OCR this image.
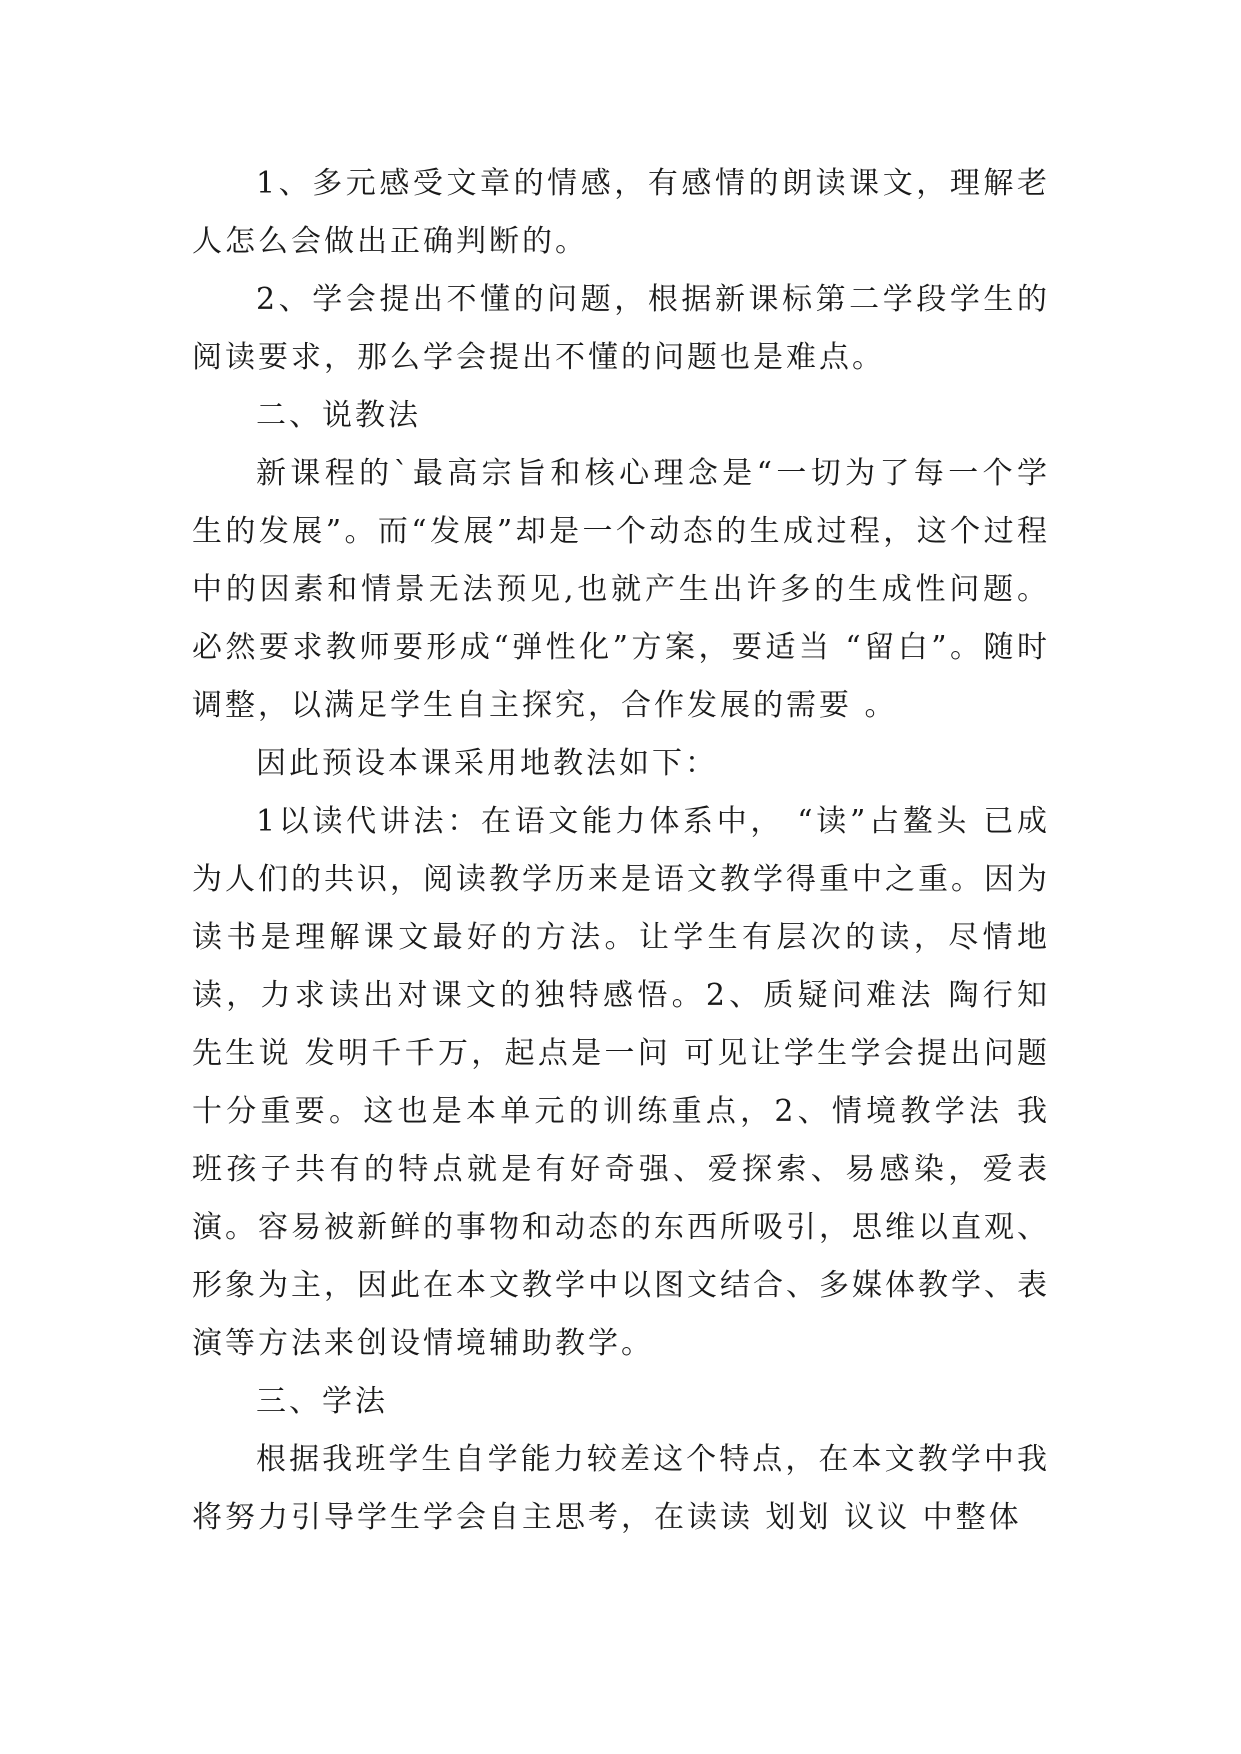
1、多元感受文章的情感，有感情的朗读课文，理解老人怎么会做出正确判断的。

2、学会提出不懂的问题，根据新课标第二学段学生的阅读要求，那么学会提出不懂的问题也是难点。

二、说教法

新课程的`最高宗旨和核心理念是“一切为了每一个学生的发展”。而“发展”却是一个动态的生成过程，这个过程中的因素和情景无法预见,也就产生出许多的生成性问题。必然要求教师要形成“弹性化”方案，要适当 “留白”。随时调整，以满足学生自主探究，合作发展的需要 。

因此预设本课采用地教法如下：

1以读代讲法：在语文能力体系中， “读”占鳌头 已成为人们的共识，阅读教学历来是语文教学得重中之重。因为读书是理解课文最好的方法。让学生有层次的读，尽情地读，力求读出对课文的独特感悟。2、质疑问难法 陶行知先生说 发明千千万，起点是一问 可见让学生学会提出问题十分重要。这也是本单元的训练重点，2、情境教学法 我班孩子共有的特点就是有好奇强、爱探索、易感染，爱表演。容易被新鲜的事物和动态的东西所吸引，思维以直观、形象为主，因此在本文教学中以图文结合、多媒体教学、表演等方法来创设情境辅助教学。

三、学法

根据我班学生自学能力较差这个特点，在本文教学中我将努力引导学生学会自主思考，在读读 划划 议议 中整体
